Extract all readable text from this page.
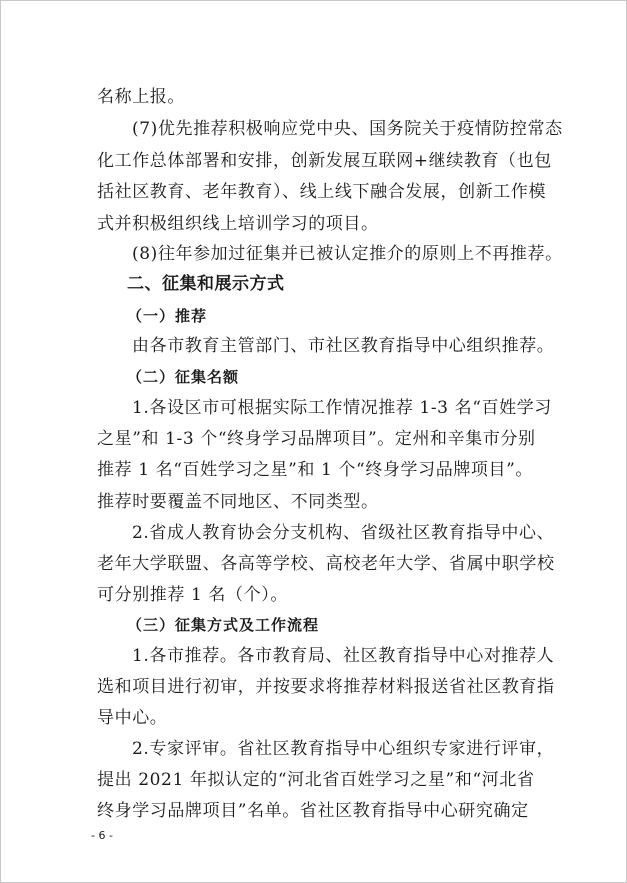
名称上报。
(7)优先推荐积极响应党中央、国务院关于疫情防控常态
化工作总体部署和安排，创新发展互联网+继续教育（也包
括社区教育、老年教育）、线上线下融合发展，创新工作模
式并积极组织线上培训学习的项目。
(8)往年参加过征集并已被认定推介的原则上不再推荐。
二、征集和展示方式
（一）推荐
由各市教育主管部门、市社区教育指导中心组织推荐。
（二）征集名额
1.各设区市可根据实际工作情况推荐 1-3 名“百姓学习
之星”和 1-3 个“终身学习品牌项目”。定州和辛集市分别
推荐 1 名“百姓学习之星”和 1 个“终身学习品牌项目”。
推荐时要覆盖不同地区、不同类型。
2.省成人教育协会分支机构、省级社区教育指导中心、
老年大学联盟、各高等学校、高校老年大学、省属中职学校
可分别推荐 1 名（个）。
（三）征集方式及工作流程
1.各市推荐。各市教育局、社区教育指导中心对推荐人
选和项目进行初审，并按要求将推荐材料报送省社区教育指
导中心。
2.专家评审。省社区教育指导中心组织专家进行评审，
提出 2021 年拟认定的“河北省百姓学习之星”和“河北省
终身学习品牌项目”名单。省社区教育指导中心研究确定
- 6 -
